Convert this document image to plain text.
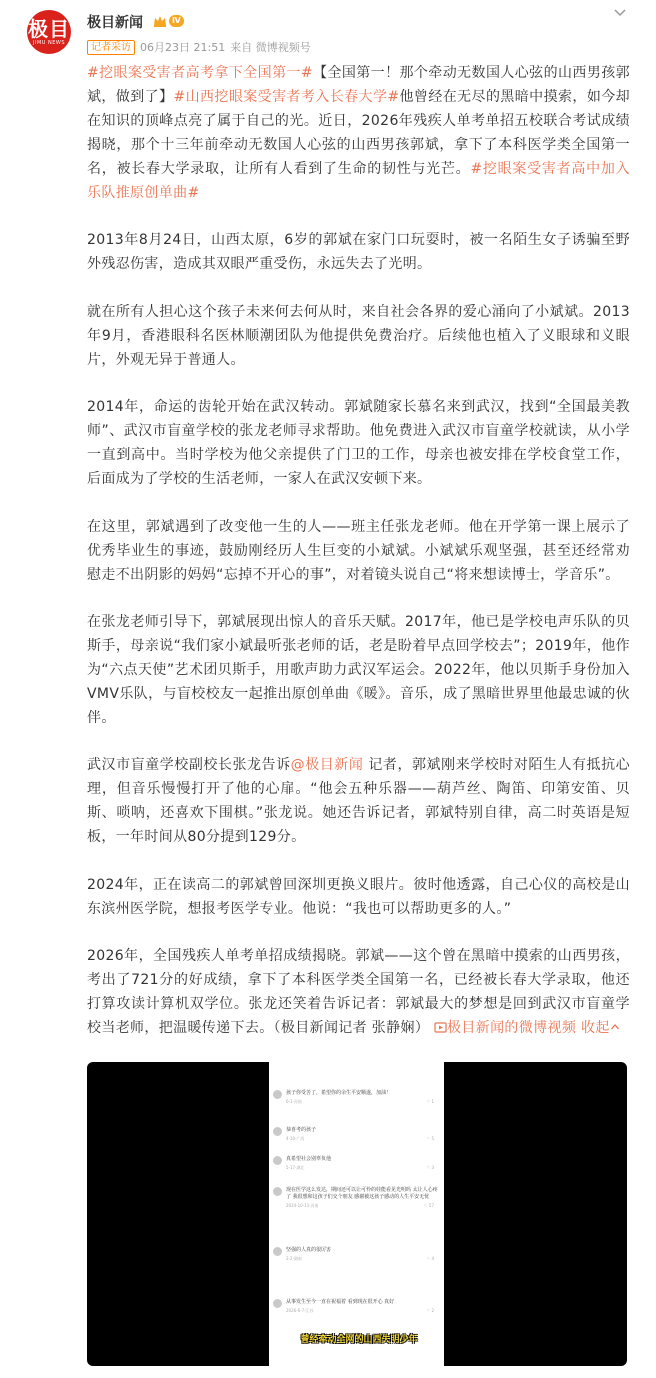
极目
JIMU NEWS
极目新闻	Ⅳ
记者采访 06月23日 21:51 来自 微博视频号

#挖眼案受害者高考拿下全国第一#【全国第一！那个牵动无数国人心弦的山西男孩郭斌，做到了】#山西挖眼案受害者考入长春大学#他曾经在无尽的黑暗中摸索，如今却在知识的顶峰点亮了属于自己的光。近日，2026年残疾人单考单招五校联合考试成绩揭晓，那个十三年前牵动无数国人心弦的山西男孩郭斌，拿下了本科医学类全国第一名，被长春大学录取，让所有人看到了生命的韧性与光芒。#挖眼案受害者高中加入乐队推原创单曲#

2013年8月24日，山西太原，6岁的郭斌在家门口玩耍时，被一名陌生女子诱骗至野外残忍伤害，造成其双眼严重受伤，永远失去了光明。

就在所有人担心这个孩子未来何去何从时，来自社会各界的爱心涌向了小斌斌。2013年9月，香港眼科名医林顺潮团队为他提供免费治疗。后续他也植入了义眼球和义眼片，外观无异于普通人。

2014年，命运的齿轮开始在武汉转动。郭斌随家长慕名来到武汉，找到“全国最美教师”、武汉市盲童学校的张龙老师寻求帮助。他免费进入武汉市盲童学校就读，从小学一直到高中。当时学校为他父亲提供了门卫的工作，母亲也被安排在学校食堂工作，后面成为了学校的生活老师，一家人在武汉安顿下来。

在这里，郭斌遇到了改变他一生的人——班主任张龙老师。他在开学第一课上展示了优秀毕业生的事迹，鼓励刚经历人生巨变的小斌斌。小斌斌乐观坚强，甚至还经常劝慰走不出阴影的妈妈“忘掉不开心的事”，对着镜头说自己“将来想读博士，学音乐”。

在张龙老师引导下，郭斌展现出惊人的音乐天赋。2017年，他已是学校电声乐队的贝斯手，母亲说“我们家小斌最听张老师的话，老是盼着早点回学校去”；2019年，他作为“六点天使”艺术团贝斯手，用歌声助力武汉军运会。2022年，他以贝斯手身份加入VMV乐队，与盲校校友一起推出原创单曲《暖》。音乐，成了黑暗世界里他最忠诚的伙伴。

武汉市盲童学校副校长张龙告诉@极目新闻 记者，郭斌刚来学校时对陌生人有抵抗心理，但音乐慢慢打开了他的心扉。“他会五种乐器——葫芦丝、陶笛、印第安笛、贝斯、唢呐，还喜欢下围棋。”张龙说。她还告诉记者，郭斌特别自律，高二时英语是短板，一年时间从80分提到129分。

2024年，正在读高二的郭斌曾回深圳更换义眼片。彼时他透露，自己心仪的高校是山东滨州医学院，想报考医学专业。他说：“我也可以帮助更多的人。”

2026年，全国残疾人单考单招成绩揭晓。郭斌——这个曾在黑暗中摸索的山西男孩，考出了721分的好成绩，拿下了本科医学类全国第一名，已经被长春大学录取，他还打算攻读计算机双学位。张龙还笑着告诉记者：郭斌最大的梦想是回到武汉市盲童学校当老师，把温暖传递下去。（极目新闻记者 张静娴） 极目新闻的微博视频 收起

曾经牵动全网的山西失明少年
孩子你受苦了，希望你的余生平安顺遂，加油！
6-1·河南	♡ 1
恭喜考的孩子
4-10·广西	♡ 5
真希望社会别辜负他
5-17·湖北	♡ 3
现在医学这么发达，期间还可以让可怜的娃能看见光明吗 太让人心疼了 我很想和这孩子们交个朋友 感谢被这孩子感动的人生平安无忧
2024-10-11·河南	♡ 57
坚强的人真的很厉害
2-2·湖南	♡ 4
从事发生至今一直在祝福着 看到现在很开心 真好
2026-6-7·江苏	♡ 2
